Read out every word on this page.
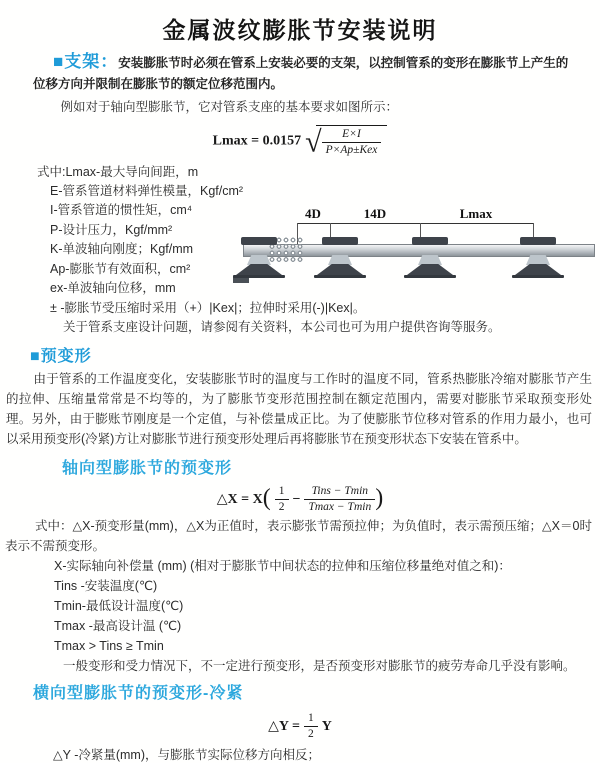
金属波纹膨胀节安装说明

■支架：安装膨胀节时必须在管系上安装必要的支架，以控制管系的变形在膨胀节上产生的位移方向并限制在膨胀节的额定位移范围内。

例如对于轴向型膨胀节，它对管系支座的基本要求如图所示：

Lmax = 0.0157 √ $\frac{E\times I}{\text{P×Ap±Kex}}$
式中:Lmax-最大导向间距，m
E-管系管道材料弹性模量，Kgf/cm²
I-管系管道的惯性矩，cm⁴
P-设计压力，Kgf/mm²
K-单波轴向刚度；Kgf/mm
Ap-膨胀节有效面积，cm²
ex-单波轴向位移，mm
± -膨胀节受压缩时采用（+）|Kex|；拉伸时采用(-)|Kex|。
关于管系支座设计问题，请参阅有关资料，本公司也可为用户提供咨询等服务。
4D	14D	Lmax
■预变形

由于管系的工作温度变化，安装膨胀节时的温度与工作时的温度不同，管系热膨胀冷缩对膨胀节产生的拉伸、压缩量常常是不均等的，为了膨胀节变形范围控制在额定范围内，需要对膨胀节采取预变形处理。另外，由于膨账节刚度是一个定值，与补偿量成正比。为了使膨胀节位移对管系的作用力最小，也可以采用预变形(冷紧)方让对膨胀节进行预变形处理后再将膨胀节在预变形状态下安装在管系中。

轴向型膨胀节的预变形
△X = $X( \frac{1}{2} - \frac{\text{Tins − Tmin}}{Tmax - Tmin}$ )
式中：△X-预变形量(mm)，△X为正值时，表示膨张节需预拉伸；为负值时，表示需预压缩；△X＝0时表示不需预变形。
X-实际轴向补偿量 (mm) (相对于膨胀节中间状态的拉伸和压缩位移量绝对值之和)：
Tins -安装温度(℃)
Tmin-最低设计温度(℃)
Tmax -最高设计温 (℃)
Tmax > Tins ≥ Tmin
一般变形和受力情况下，不一定进行预变形，是否预变形对膨胀节的疲劳寿命几乎没有影响。
横向型膨胀节的预变形-冷紧
△Y = $\frac{1}{2}$ Y
△Y -冷紧量(mm)，与膨胀节实际位移方向相反；
